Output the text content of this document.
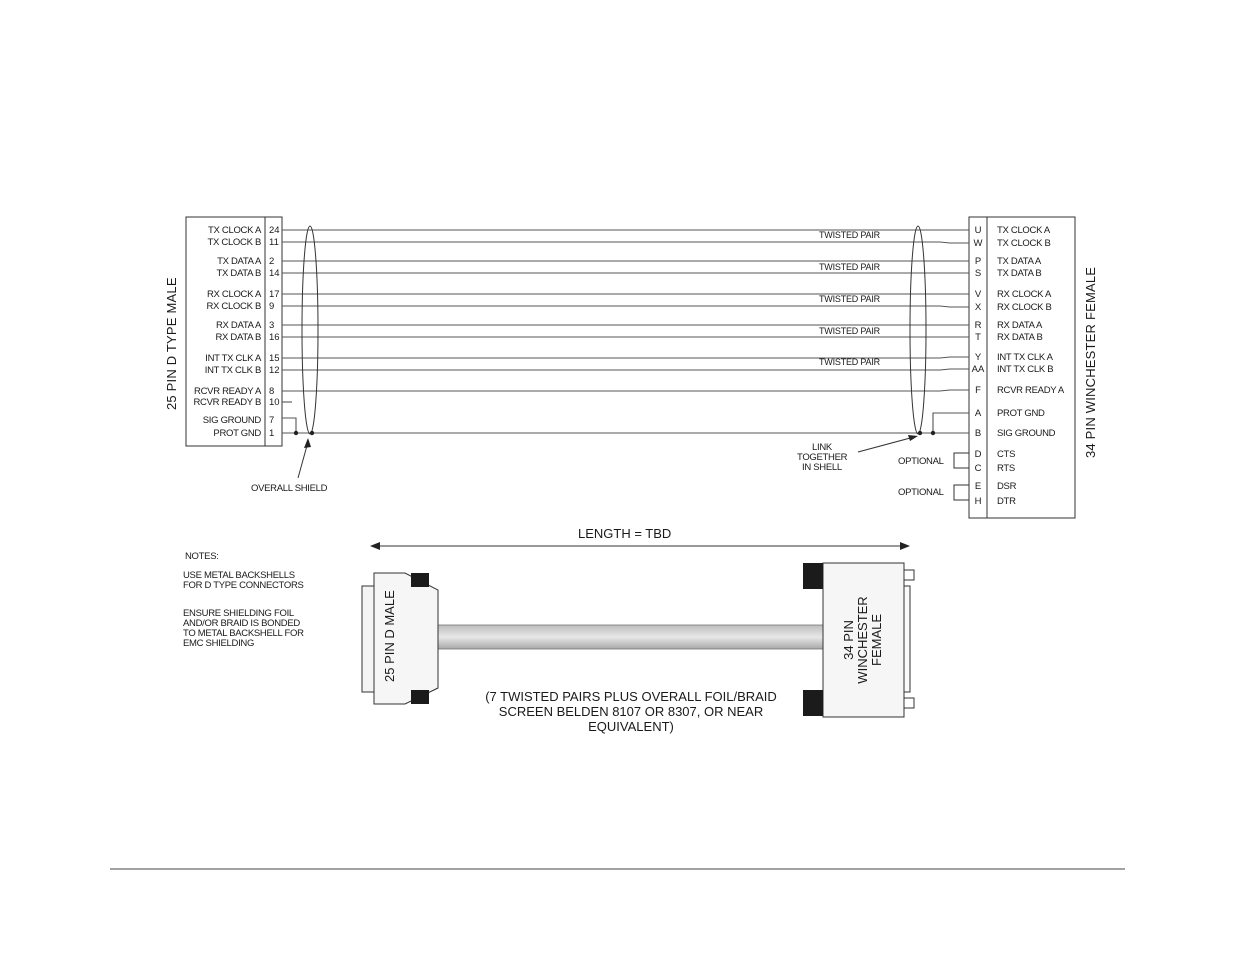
25 PIN D TYPE MALE
TX CLOCK A 24
TX CLOCK B 11
TX DATA A 2
TX DATA B 14
RX CLOCK A 17
RX CLOCK B 9
RX DATA A 3
RX DATA B 16
INT TX CLK A 15
INT TX CLK B 12
RCVR READY A 8
RCVR READY B 10
SIG GROUND 7
PROT GND 1	34 PIN WINCHESTER FEMALE
U TX CLOCK A
W TX CLOCK B
P TX DATA A
S TX DATA B
V RX CLOCK A
X RX CLOCK B
R RX DATA A
T RX DATA B
Y INT TX CLK A
AA INT TX CLK B
F RCVR READY A
A PROT GND
B SIG GROUND
D CTS
C RTS
E DSR
H DTR
TWISTED PAIR
TWISTED PAIR
TWISTED PAIR
TWISTED PAIR
TWISTED PAIR
OVERALL SHIELD
LINK
TOGETHER
IN SHELL
OPTIONAL
OPTIONAL
LENGTH = TBD
NOTES:
USE METAL BACKSHELLS
FOR D TYPE CONNECTORS
ENSURE SHIELDING FOIL
AND/OR BRAID IS BONDED
TO METAL BACKSHELL FOR
EMC SHIELDING	25 PIN D MALE	34 PIN WINCHESTER FEMALE
(7 TWISTED PAIRS PLUS OVERALL FOIL/BRAID
SCREEN BELDEN 8107 OR 8307, OR NEAR
EQUIVALENT)
